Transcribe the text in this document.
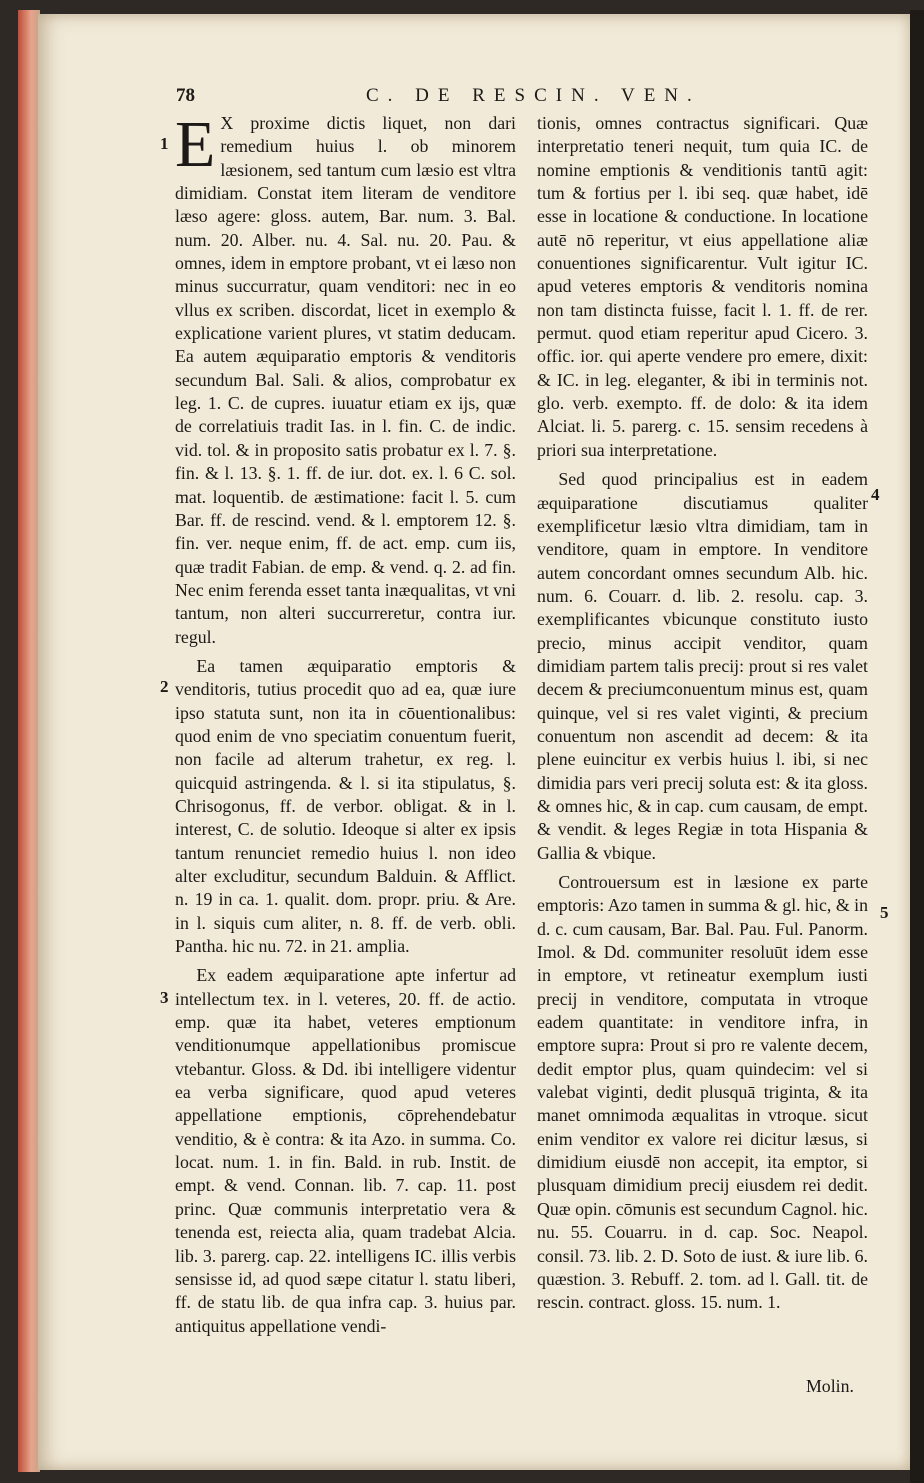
78	C. DE RESCIN. VEN.
1
2
3
4
5

E X proxime dictis liquet, non dari remedium huius l. ob minorem læsionem, sed tantum cum læsio est vltra dimidiam. Constat item literam de venditore læso agere: gloss. autem, Bar. num. 3. Bal. num. 20. Alber. nu. 4. Sal. nu. 20. Pau. & omnes, idem in emptore probant, vt ei læso non minus succurratur, quam venditori: nec in eo vllus ex scriben. discordat, licet in exemplo & explicatione varient plures, vt statim deducam. Ea autem æquiparatio emptoris & venditoris secundum Bal. Sali. & alios, comprobatur ex leg. 1. C. de cupres. iuuatur etiam ex ijs, quæ de correlatiuis tradit Ias. in l. fin. C. de indic. vid. tol. & in proposito satis probatur ex l. 7. §. fin. & l. 13. §. 1. ff. de iur. dot. ex. l. 6 C. sol. mat. loquentib. de æstimatione: facit l. 5. cum Bar. ff. de rescind. vend. & l. emptorem 12. §. fin. ver. neque enim, ff. de act. emp. cum iis, quæ tradit Fabian. de emp. & vend. q. 2. ad fin. Nec enim ferenda esset tanta inæqualitas, vt vni tantum, non alteri succurreretur, contra iur. regul.

Ea tamen æquiparatio emptoris & venditoris, tutius procedit quo ad ea, quæ iure ipso statuta sunt, non ita in cōuentionalibus: quod enim de vno speciatim conuentum fuerit, non facile ad alterum trahetur, ex reg. l. quicquid astringenda. & l. si ita stipulatus, §. Chrisogonus, ff. de verbor. obligat. & in l. interest, C. de solutio. Ideoque si alter ex ipsis tantum renunciet remedio huius l. non ideo alter excluditur, secundum Balduin. & Afflict. n. 19 in ca. 1. qualit. dom. propr. priu. & Are. in l. siquis cum aliter, n. 8. ff. de verb. obli. Pantha. hic nu. 72. in 21. amplia.

Ex eadem æquiparatione apte infertur ad intellectum tex. in l. veteres, 20. ff. de actio. emp. quæ ita habet, veteres emptionum venditionumque appellationibus promiscue vtebantur. Gloss. & Dd. ibi intelligere videntur ea verba significare, quod apud veteres appellatione emptionis, cōprehendebatur venditio, & è contra: & ita Azo. in summa. Co. locat. num. 1. in fin. Bald. in rub. Instit. de empt. & vend. Connan. lib. 7. cap. 11. post princ. Quæ communis interpretatio vera & tenenda est, reiecta alia, quam tradebat Alcia. lib. 3. parerg. cap. 22. intelligens IC. illis verbis sensisse id, ad quod sæpe citatur l. statu liberi, ff. de statu lib. de qua infra cap. 3. huius par. antiquitus appellatione vendi-

tionis, omnes contractus significari. Quæ interpretatio teneri nequit, tum quia IC. de nomine emptionis & venditionis tantū agit: tum & fortius per l. ibi seq. quæ habet, idē esse in locatione & conductione. In locatione autē nō reperitur, vt eius appellatione aliæ conuentiones significarentur. Vult igitur IC. apud veteres emptoris & venditoris nomina non tam distincta fuisse, facit l. 1. ff. de rer. permut. quod etiam reperitur apud Cicero. 3. offic. ior. qui aperte vendere pro emere, dixit: & IC. in leg. eleganter, & ibi in terminis not. glo. verb. exempto. ff. de dolo: & ita idem Alciat. li. 5. parerg. c. 15. sensim recedens à priori sua interpretatione.

Sed quod principalius est in eadem æquiparatione discutiamus qualiter exemplificetur læsio vltra dimidiam, tam in venditore, quam in emptore. In venditore autem concordant omnes secundum Alb. hic. num. 6. Couarr. d. lib. 2. resolu. cap. 3. exemplificantes vbicunque constituto iusto precio, minus accipit venditor, quam dimidiam partem talis precij: prout si res valet decem & preciumconuentum minus est, quam quinque, vel si res valet viginti, & precium conuentum non ascendit ad decem: & ita plene euincitur ex verbis huius l. ibi, si nec dimidia pars veri precij soluta est: & ita gloss. & omnes hic, & in cap. cum causam, de empt. & vendit. & leges Regiæ in tota Hispania & Gallia & vbique.

Controuersum est in læsione ex parte emptoris: Azo tamen in summa & gl. hic, & in d. c. cum causam, Bar. Bal. Pau. Ful. Panorm. Imol. & Dd. communiter resoluūt idem esse in emptore, vt retineatur exemplum iusti precij in venditore, computata in vtroque eadem quantitate: in venditore infra, in emptore supra: Prout si pro re valente decem, dedit emptor plus, quam quindecim: vel si valebat viginti, dedit plusquā triginta, & ita manet omnimoda æqualitas in vtroque. sicut enim venditor ex valore rei dicitur læsus, si dimidium eiusdē non accepit, ita emptor, si plusquam dimidium precij eiusdem rei dedit. Quæ opin. cōmunis est secundum Cagnol. hic. nu. 55. Couarru. in d. cap. Soc. Neapol. consil. 73. lib. 2. D. Soto de iust. & iure lib. 6. quæstion. 3. Rebuff. 2. tom. ad l. Gall. tit. de rescin. contract. gloss. 15. num. 1.

Molin.
